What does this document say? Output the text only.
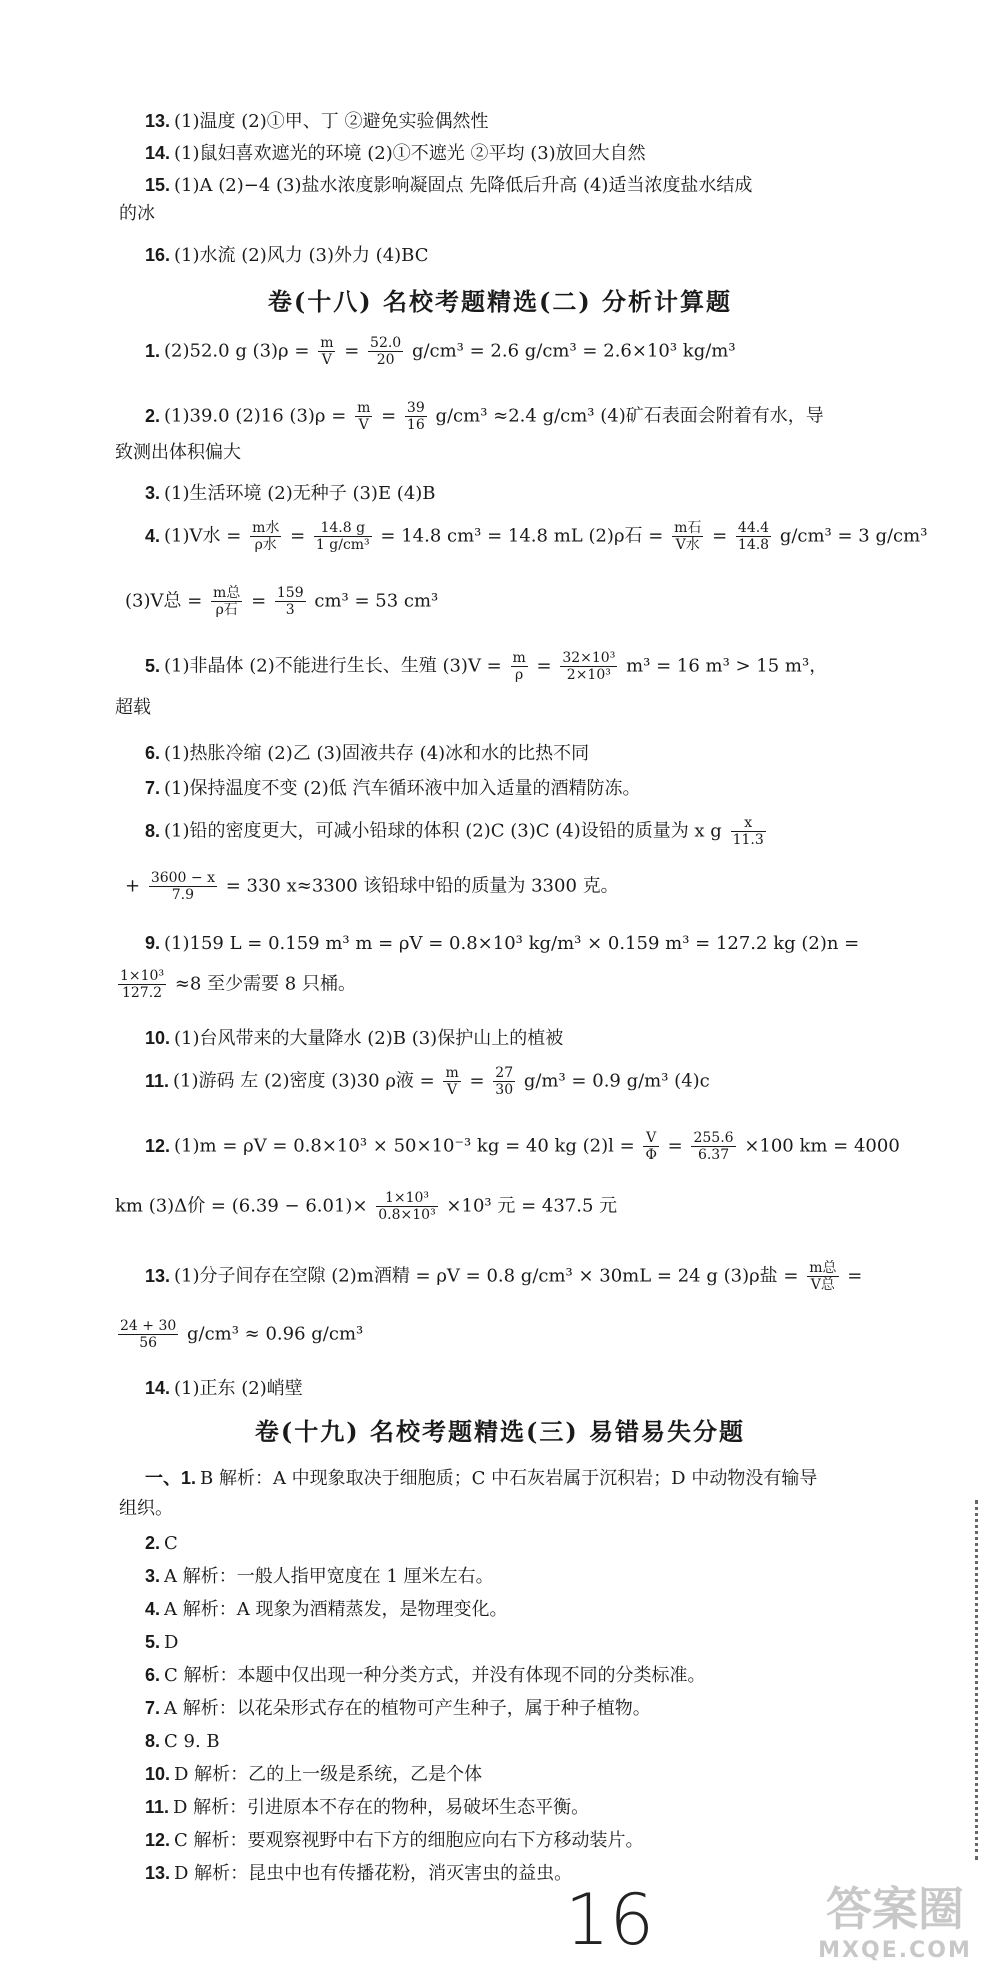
13. (1)温度 (2)①甲、丁 ②避免实验偶然性
14. (1)鼠妇喜欢遮光的环境 (2)①不遮光 ②平均 (3)放回大自然
15. (1)A (2)−4 (3)盐水浓度影响凝固点 先降低后升高 (4)适当浓度盐水结成
的冰
16. (1)水流 (2)风力 (3)外力 (4)BC
卷(十八) 名校考题精选(二) 分析计算题
1. (2)52.0 g $(3)\rho = \frac{m}{V} = \frac{52.0}{20} g/cm^3 = 2.6$ g/cm³ = 2.6×10³ kg/m³
2. (1)39.0 (2)16 $(3)\rho = \frac{m}{V} = \frac{39}{16} g/cm^3 \approx 2.4$ g/cm³ (4)矿石表面会附着有水，导
致测出体积偏大
3. (1)生活环境 (2)无种子 (3)E (4)B
4. (1)V水 = $\frac{\text{m水}}{\text{ρ水}} = \frac{14.8 g}{\text{1 g/cm³}} = 14.8$ cm³ = 14.8 mL (2)ρ石 = $\frac{\text{m石}}{\text{V水}} = \frac{44.4}{14.8} g/cm^3 = 3$ g/cm³
(3)V总 = $\frac{\text{m总}}{\text{ρ石}} = \frac{159}{3} cm^3 = 53$ cm³
5. (1)非晶体 (2)不能进行生长、生殖 $(3)V = \frac{m}{\rho} = \frac{\text{32×10³}}{\text{2×10³}} m^3 = 16$ m³ > 15 m³，
超载
6. (1)热胀冷缩 (2)乙 (3)固液共存 (4)冰和水的比热不同
7. (1)保持温度不变 (2)低 汽车循环液中加入适量的酒精防冻。
8. (1)铅的密度更大，可减小铅球的体积 (2)C (3)C (4)设铅的质量为 x g $\frac{x}{11.3}$
+ $\frac{3600 - x}{7.9} = 330$ x≈3300 该铅球中铅的质量为 3300 克。
9. (1)159 L = 0.159 m³ m = ρV = 0.8×10³ kg/m³ × 0.159 m³ = 127.2 kg (2)n =
$\frac{\text{1×10³}}{127.2} \approx 8$ 至少需要 8 只桶。
10. (1)台风带来的大量降水 (2)B (3)保护山上的植被
11. (1)游码 左 (2)密度 (3)30 ρ液 = $\frac{m}{V} = \frac{27}{30} g/m^3 = 0.9$ g/m³ (4)c
12. (1)m = ρV = 0.8×10³ × 50×10⁻³ kg = 40 kg $(2)l = \frac{V}{\Phi} = \frac{255.6}{6.37} \times 100$ km = 4000
km (3)Δ价 = $(6.39 - 6.01)\times \frac{\text{1×10³}}{\text{0.8×10³}} \times 10^3$ 元 = 437.5 元
13. (1)分子间存在空隙 (2)m酒精 = ρV = 0.8 g/cm³ × 30mL = 24 g (3)ρ盐 = $\frac{\text{m总}}{\text{V总}}$ =
$\frac{24 + 30}{56} g/cm^3 \approx 0.96$ g/cm³
14. (1)正东 (2)峭壁
卷(十九) 名校考题精选(三) 易错易失分题
一、1. B 解析：A 中现象取决于细胞质；C 中石灰岩属于沉积岩；D 中动物没有输导
组织。
2. C
3. A 解析：一般人指甲宽度在 1 厘米左右。
4. A 解析：A 现象为酒精蒸发，是物理变化。
5. D
6. C 解析：本题中仅出现一种分类方式，并没有体现不同的分类标准。
7. A 解析：以花朵形式存在的植物可产生种子，属于种子植物。
8. C 9. B
10. D 解析：乙的上一级是系统，乙是个体
11. D 解析：引进原本不存在的物种，易破坏生态平衡。
12. C 解析：要观察视野中右下方的细胞应向右下方移动装片。
13. D 解析：昆虫中也有传播花粉，消灭害虫的益虫。
16	答案圈
MXQE.COM
